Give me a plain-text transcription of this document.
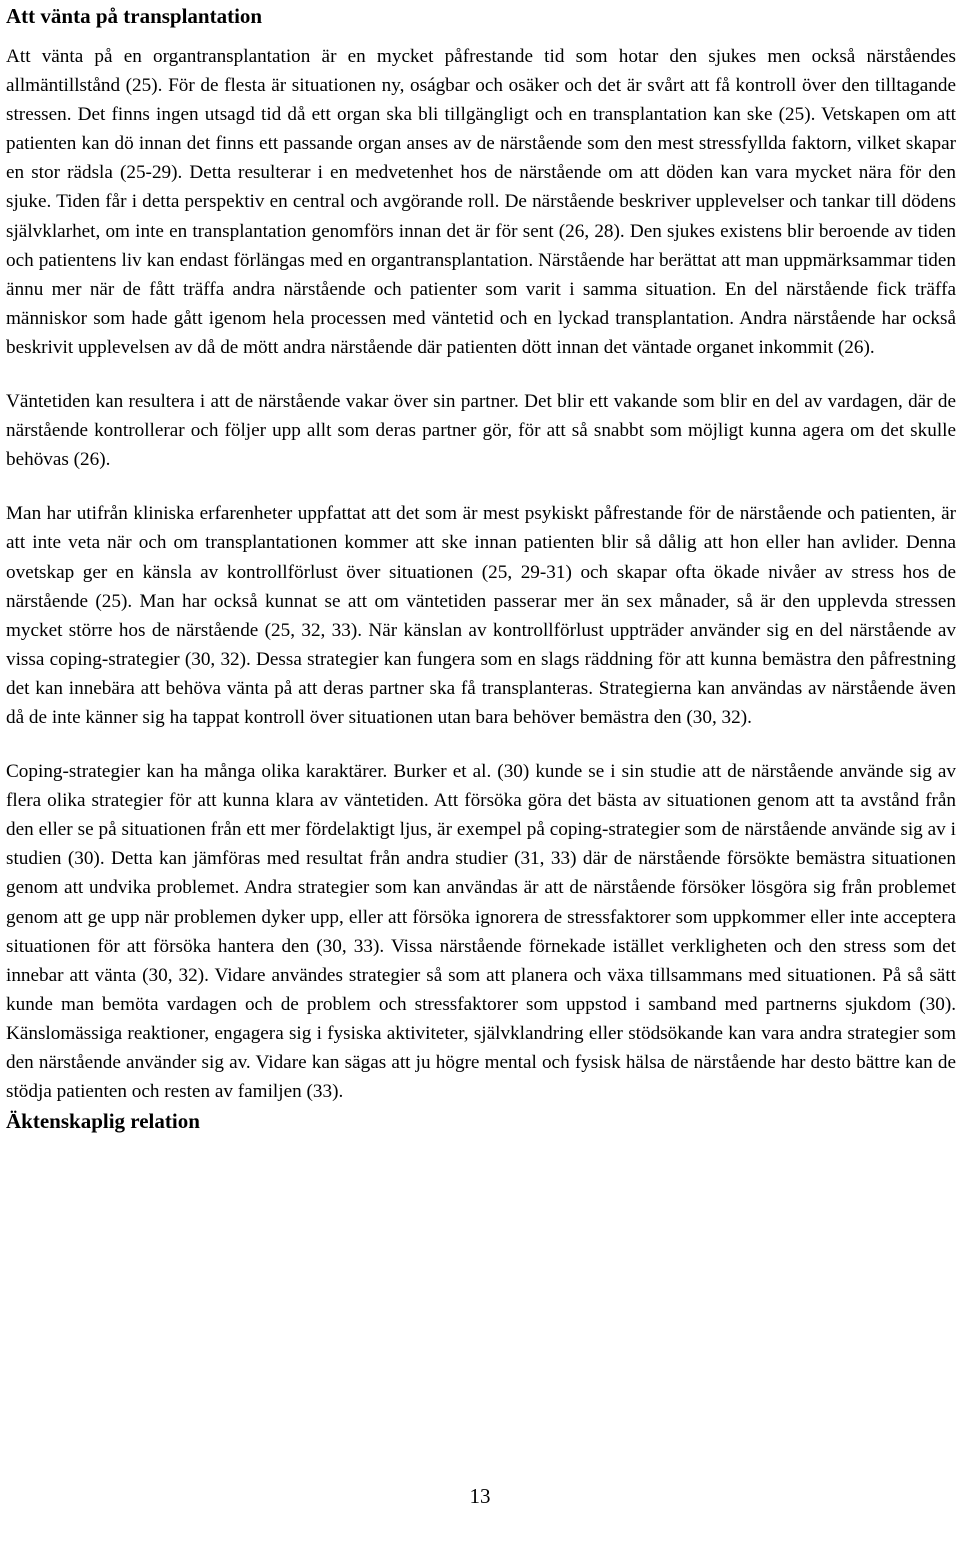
Att vänta på transplantation

Att vänta på en organtransplantation är en mycket påfrestande tid som hotar den sjukes men också närståendes allmäntillstånd (25). För de flesta är situationen ny, oságbar och osäker och det är svårt att få kontroll över den tilltagande stressen. Det finns ingen utsagd tid då ett organ ska bli tillgängligt och en transplantation kan ske (25). Vetskapen om att patienten kan dö innan det finns ett passande organ anses av de närstående som den mest stressfyllda faktorn, vilket skapar en stor rädsla (25-29). Detta resulterar i en medvetenhet hos de närstående om att döden kan vara mycket nära för den sjuke. Tiden får i detta perspektiv en central och avgörande roll. De närstående beskriver upplevelser och tankar till dödens självklarhet, om inte en transplantation genomförs innan det är för sent (26, 28). Den sjukes existens blir beroende av tiden och patientens liv kan endast förlängas med en organtransplantation. Närstående har berättat att man uppmärksammar tiden ännu mer när de fått träffa andra närstående och patienter som varit i samma situation. En del närstående fick träffa människor som hade gått igenom hela processen med väntetid och en lyckad transplantation. Andra närstående har också beskrivit upplevelsen av då de mött andra närstående där patienten dött innan det väntade organet inkommit (26).

Väntetiden kan resultera i att de närstående vakar över sin partner. Det blir ett vakande som blir en del av vardagen, där de närstående kontrollerar och följer upp allt som deras partner gör, för att så snabbt som möjligt kunna agera om det skulle behövas (26).

Man har utifrån kliniska erfarenheter uppfattat att det som är mest psykiskt påfrestande för de närstående och patienten, är att inte veta när och om transplantationen kommer att ske innan patienten blir så dålig att hon eller han avlider. Denna ovetskap ger en känsla av kontrollförlust över situationen (25, 29-31) och skapar ofta ökade nivåer av stress hos de närstående (25). Man har också kunnat se att om väntetiden passerar mer än sex månader, så är den upplevda stressen mycket större hos de närstående (25, 32, 33). När känslan av kontrollförlust uppträder använder sig en del närstående av vissa coping-strategier (30, 32). Dessa strategier kan fungera som en slags räddning för att kunna bemästra den påfrestning det kan innebära att behöva vänta på att deras partner ska få transplanteras. Strategierna kan användas av närstående även då de inte känner sig ha tappat kontroll över situationen utan bara behöver bemästra den (30, 32).

Coping-strategier kan ha många olika karaktärer. Burker et al. (30) kunde se i sin studie att de närstående använde sig av flera olika strategier för att kunna klara av väntetiden. Att försöka göra det bästa av situationen genom att ta avstånd från den eller se på situationen från ett mer fördelaktigt ljus, är exempel på coping-strategier som de närstående använde sig av i studien (30). Detta kan jämföras med resultat från andra studier (31, 33) där de närstående försökte bemästra situationen genom att undvika problemet. Andra strategier som kan användas är att de närstående försöker lösgöra sig från problemet genom att ge upp när problemen dyker upp, eller att försöka ignorera de stressfaktorer som uppkommer eller inte acceptera situationen för att försöka hantera den (30, 33). Vissa närstående förnekade istället verkligheten och den stress som det innebar att vänta (30, 32). Vidare användes strategier så som att planera och växa tillsammans med situationen. På så sätt kunde man bemöta vardagen och de problem och stressfaktorer som uppstod i samband med partnerns sjukdom (30). Känslomässiga reaktioner, engagera sig i fysiska aktiviteter, självklandring eller stödsökande kan vara andra strategier som den närstående använder sig av. Vidare kan sägas att ju högre mental och fysisk hälsa de närstående har desto bättre kan de stödja patienten och resten av familjen (33).

Äktenskaplig relation
13
